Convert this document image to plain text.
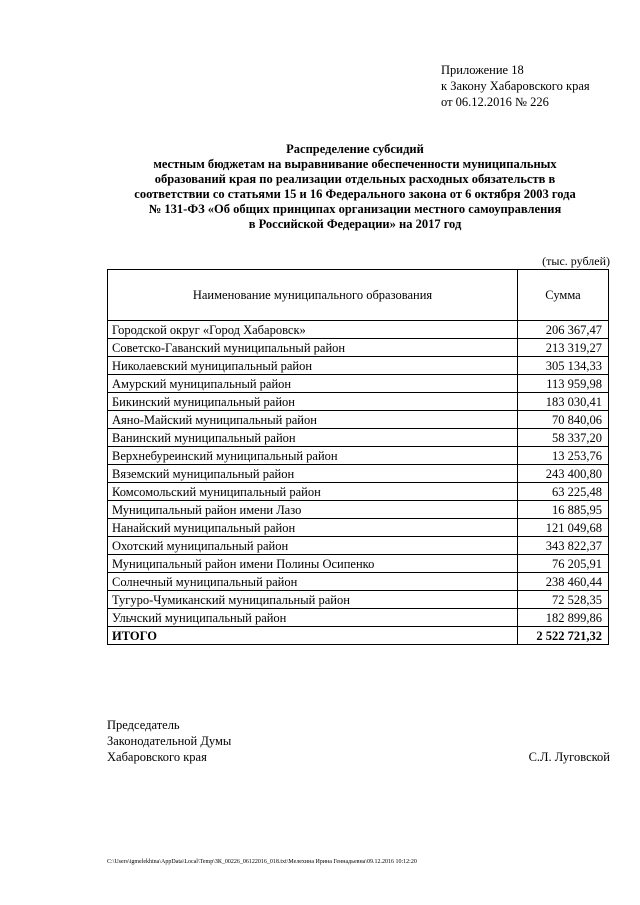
Приложение 18
к Закону Хабаровского края
от 06.12.2016 № 226
Распределение субсидий
местным бюджетам на выравнивание обеспеченности муниципальных
образований края по реализации отдельных расходных обязательств в
соответствии со статьями 15 и 16 Федерального закона от 6 октября 2003 года
№ 131-ФЗ «Об общих принципах организации местного самоуправления
в Российской Федерации» на 2017 год
(тыс. рублей)
Наименование муниципального образования	Сумма
Городской округ «Город Хабаровск»	206 367,47
Советско-Гаванский муниципальный район	213 319,27
Николаевский муниципальный район	305 134,33
Амурский муниципальный район	113 959,98
Бикинский муниципальный район	183 030,41
Аяно-Майский муниципальный район	70 840,06
Ванинский муниципальный район	58 337,20
Верхнебуреинский муниципальный район	13 253,76
Вяземский муниципальный район	243 400,80
Комсомольский муниципальный район	63 225,48
Муниципальный район имени Лазо	16 885,95
Нанайский муниципальный район	121 049,68
Охотский муниципальный район	343 822,37
Муниципальный район имени Полины Осипенко	76 205,91
Солнечный муниципальный район	238 460,44
Тугуро-Чумиканский муниципальный район	72 528,35
Ульчский муниципальный район	182 899,86
ИТОГО	2 522 721,32
Председатель
Законодательной Думы
Хабаровского края	С.Л. Луговской
C:\Users\igmelekhina\AppData\Local\Temp\ЗК_00226_06122016_018.txt\Мелехина Ирина Геннадьевна\09.12.2016 10:12:20
